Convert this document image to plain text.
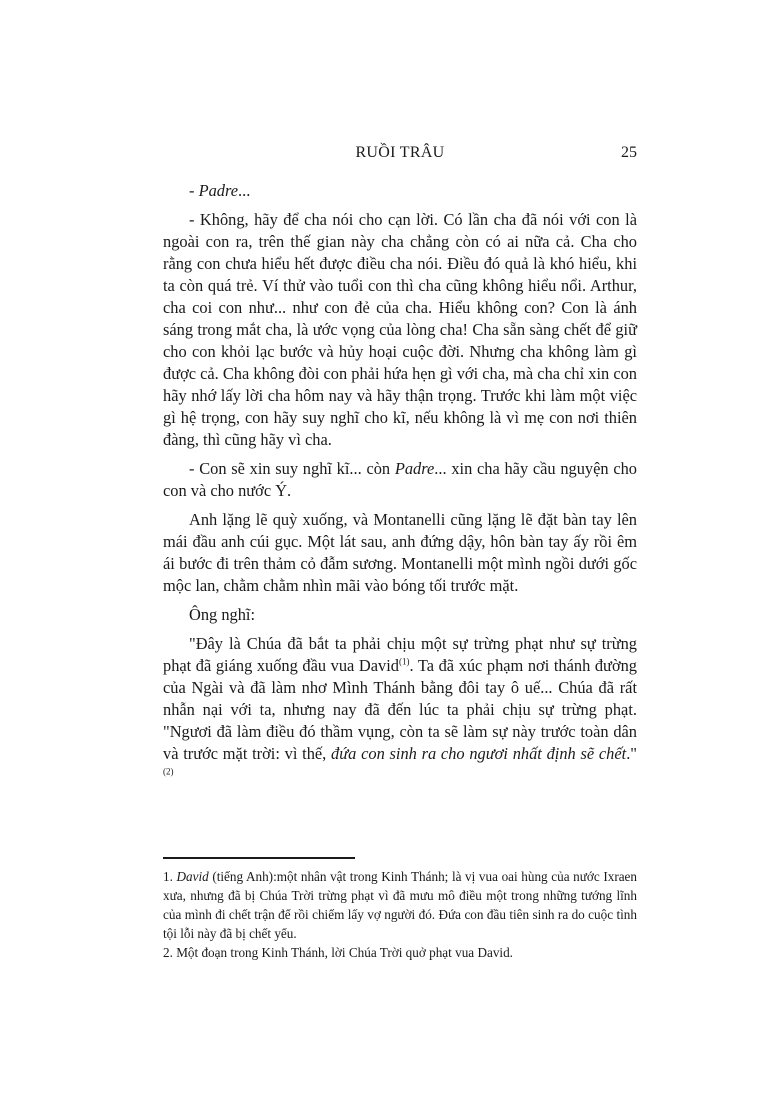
RUỒI TRÂU	25

- Padre...

- Không, hãy để cha nói cho cạn lời. Có lần cha đã nói với con là ngoài con ra, trên thế gian này cha chẳng còn có ai nữa cả. Cha cho rằng con chưa hiểu hết được điều cha nói. Điều đó quả là khó hiểu, khi ta còn quá trẻ. Ví thử vào tuổi con thì cha cũng không hiểu nổi. Arthur, cha coi con như... như con đẻ của cha. Hiểu không con? Con là ánh sáng trong mắt cha, là ước vọng của lòng cha! Cha sẵn sàng chết để giữ cho con khỏi lạc bước và hủy hoại cuộc đời. Nhưng cha không làm gì được cả. Cha không đòi con phải hứa hẹn gì với cha, mà cha chỉ xin con hãy nhớ lấy lời cha hôm nay và hãy thận trọng. Trước khi làm một việc gì hệ trọng, con hãy suy nghĩ cho kĩ, nếu không là vì mẹ con nơi thiên đàng, thì cũng hãy vì cha.

- Con sẽ xin suy nghĩ kĩ... còn Padre... xin cha hãy cầu nguyện cho con và cho nước Ý.

Anh lặng lẽ quỳ xuống, và Montanelli cũng lặng lẽ đặt bàn tay lên mái đầu anh cúi gục. Một lát sau, anh đứng dậy, hôn bàn tay ấy rồi êm ái bước đi trên thảm cỏ đẫm sương. Montanelli một mình ngồi dưới gốc mộc lan, chằm chằm nhìn mãi vào bóng tối trước mặt.

Ông nghĩ:

"Đây là Chúa đã bắt ta phải chịu một sự trừng phạt như sự trừng phạt đã giáng xuống đầu vua David$^{(1)}$. Ta đã xúc phạm nơi thánh đường của Ngài và đã làm nhơ Mình Thánh bằng đôi tay ô uế... Chúa đã rất nhẫn nại với ta, nhưng nay đã đến lúc ta phải chịu sự trừng phạt. "Ngươi đã làm điều đó thầm vụng, còn ta sẽ làm sự này trước toàn dân và trước mặt trời: vì thế, đứa con sinh ra cho ngươi nhất định sẽ chết."$^{(2)}$

1. David (tiếng Anh):một nhân vật trong Kinh Thánh; là vị vua oai hùng của nước Ixraen xưa, nhưng đã bị Chúa Trời trừng phạt vì đã mưu mô điều một trong những tướng lĩnh của mình đi chết trận để rồi chiếm lấy vợ người đó. Đứa con đầu tiên sinh ra do cuộc tình tội lỗi này đã bị chết yểu.

2. Một đoạn trong Kinh Thánh, lời Chúa Trời quở phạt vua David.
